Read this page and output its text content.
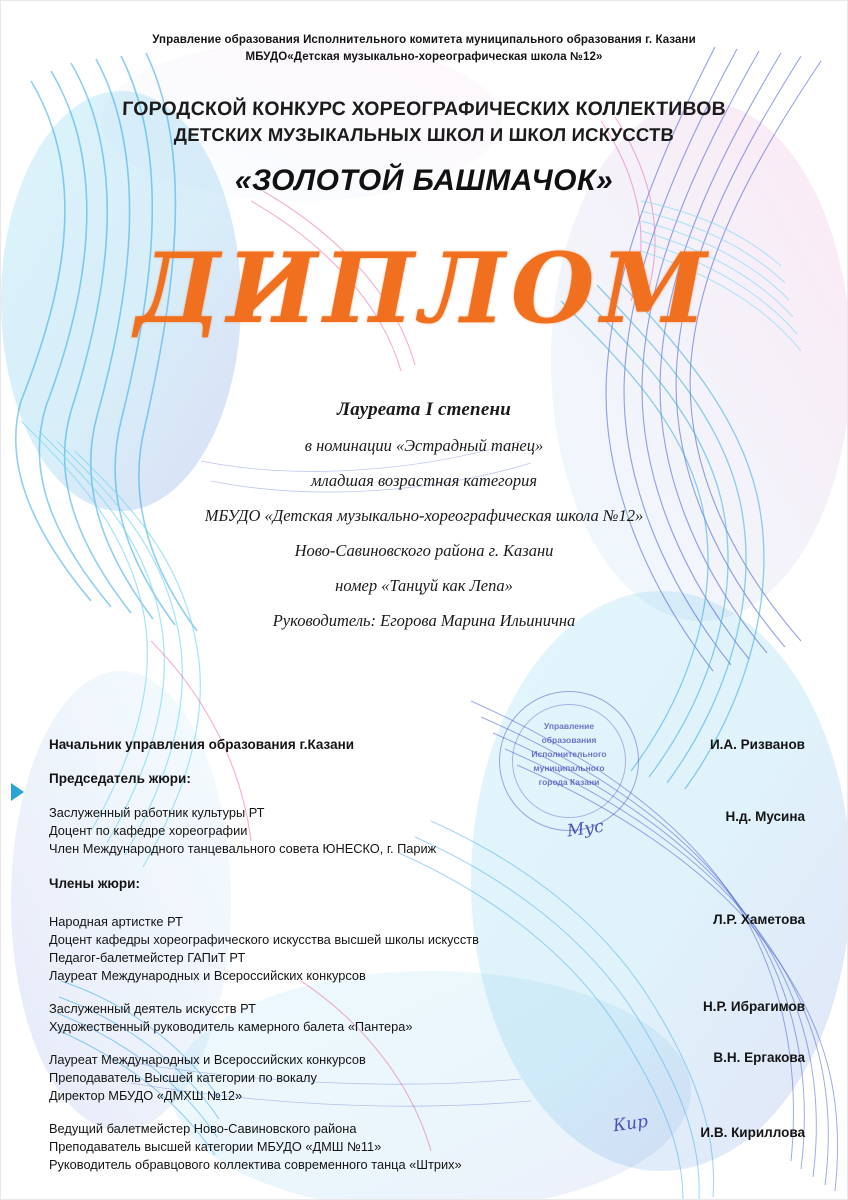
Управление образования Исполнительного комитета муниципального образования г. Казани
МБУДО«Детская музыкально-хореографическая школа №12»
ГОРОДСКОЙ КОНКУРС ХОРЕОГРАФИЧЕСКИХ КОЛЛЕКТИВОВ
ДЕТСКИХ МУЗЫКАЛЬНЫХ ШКОЛ И ШКОЛ ИСКУССТВ
«ЗОЛОТОЙ БАШМАЧОК»
ДИПЛОМ
Лауреата I степени
в номинации «Эстрадный танец»
младшая возрастная категория
МБУДО «Детская музыкально-хореографическая школа №12»
Ново-Савиновского района г. Казани
номер «Танцуй как Лепа»
Руководитель: Егорова Марина Ильинична
Управление
образования
Исполнительного
муниципального
города Казани
Начальник управления образования г.Казани	И.А. Ризванов
Председатель жюри:
Заслуженный работник культуры РТ
Доцент по кафедре хореографии
Член Международного танцевального совета ЮНЕСКО, г. Париж
Н.д. Мусина
Члены жюри:
Народная артистке РТ
Доцент кафедры хореографического искусства высшей школы искусств
Педагог-балетмейстер ГАПиТ РТ
Лауреат Международных и Всероссийских конкурсов
Л.Р. Хаметова
Заслуженный деятель искусств РТ
Художественный руководитель камерного балета «Пантера»
Н.Р. Ибрагимов
Лауреат Международных и Всероссийских конкурсов
Преподаватель Высшей категории по вокалу
Директор МБУДО «ДМХШ №12»
В.Н. Ергакова
Ведущий балетмейстер Ново-Савиновского района
Преподаватель высшей категории МБУДО «ДМШ №11»
Руководитель обравцового коллектива современного танца «Штрих»
И.В. Кириллова
Мус
Кир
